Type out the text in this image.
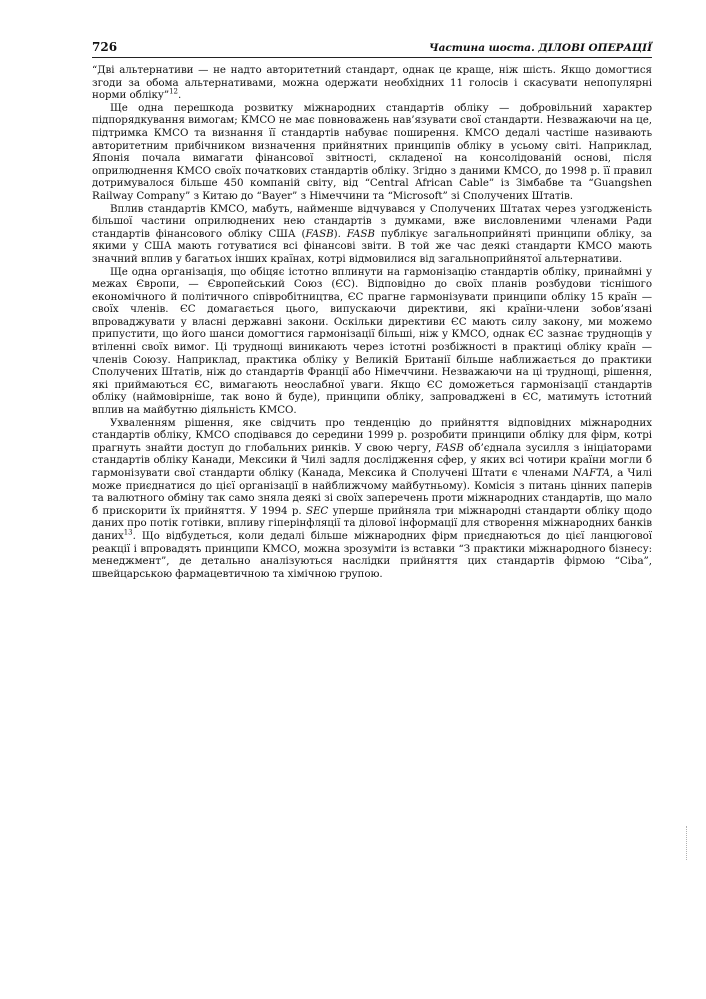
726	Частина шоста. ДІЛОВІ ОПЕРАЦІЇ

“Дві альтернативи — не надто авторитетний стандарт, однак це краще, ніж шість. Якщо домогтися згоди за обома альтернативами, можна одержати необхідних 11 голосів і скасувати непопулярні норми обліку”$^{12}$.

Ще одна перешкода розвитку міжнародних стандартів обліку — добровільний характер підпорядкування вимогам; КМСО не має повноважень нав’язувати свої стандарти. Незважаючи на це, підтримка КМСО та визнання її стандартів набуває поширення. КМСО дедалі частіше називають авторитетним прибічником визначення прийнятних принципів обліку в усьому світі. Наприклад, Японія почала вимагати фінансової звітності, складеної на консолідованій основі, після оприлюднення КМСО своїх початкових стандартів обліку. Згідно з даними КМСО, до 1998 р. її правил дотримувалося більше 450 компаній світу, від “Central African Cable” із Зімбабве та “Guangshen Railway Company” з Китаю до “Bayer” з Німеччини та “Microsoft” зі Сполучених Штатів.

Вплив стандартів КМСО, мабуть, найменше відчувався у Сполучених Штатах через узгодженість більшої частини оприлюднених нею стандартів з думками, вже висловленими членами Ради стандартів фінансового обліку США (FASB). FASB публікує загальноприйняті принципи обліку, за якими у США мають готуватися всі фінансові звіти. В той же час деякі стандарти КМСО мають значний вплив у багатьох інших країнах, котрі відмовилися від загальноприйнятої альтернативи.

Ще одна організація, що обіцяє істотно вплинути на гармонізацію стандартів обліку, принаймні у межах Європи, — Європейський Союз (ЄС). Відповідно до своїх планів розбудови тіснішого економічного й політичного співробітництва, ЄС прагне гармонізувати принципи обліку 15 країн — своїх членів. ЄС домагається цього, випускаючи директиви, які країни-члени зобов’язані впроваджувати у власні державні закони. Оскільки директиви ЄС мають силу закону, ми можемо припустити, що його шанси домогтися гармонізації більші, ніж у КМСО, однак ЄС зазнає труднощів у втіленні своїх вимог. Ці труднощі виникають через істотні розбіжності в практиці обліку країн — членів Союзу. Наприклад, практика обліку у Великій Британії більше наближається до практики Сполучених Штатів, ніж до стандартів Франції або Німеччини. Незважаючи на ці труднощі, рішення, які приймаються ЄС, вимагають неослабної уваги. Якщо ЄС доможеться гармонізації стандартів обліку (наймовірніше, так воно й буде), принципи обліку, запроваджені в ЄС, матимуть істотний вплив на майбутню діяльність КМСО.

Ухваленням рішення, яке свідчить про тенденцію до прийняття відповідних міжнародних стандартів обліку, КМСО сподівався до середини 1999 р. розробити принципи обліку для фірм, котрі прагнуть знайти доступ до глобальних ринків. У свою чергу, FASB об’єднала зусилля з ініціаторами стандартів обліку Канади, Мексики й Чилі задля дослідження сфер, у яких всі чотири країни могли б гармонізувати свої стандарти обліку (Канада, Мексика й Сполучені Штати є членами NAFTA, а Чилі може приєднатися до цієї організації в найближчому майбутньому). Комісія з питань цінних паперів та валютного обміну так само зняла деякі зі своїх заперечень проти міжнародних стандартів, що мало б прискорити їх прийняття. У 1994 р. SEC уперше прийняла три міжнародні стандарти обліку щодо даних про потік готівки, впливу гіперінфляції та ділової інформації для створення міжнародних банків даних$^{13}$. Що відбудеться, коли дедалі більше міжнародних фірм приєднаються до цієї ланцюгової реакції і впровадять принципи КМСО, можна зрозуміти із вставки “З практики міжнародного бізнесу: менеджмент”, де детально аналізуються наслідки прийняття цих стандартів фірмою “Ciba”, швейцарською фармацевтичною та хімічною групою.
